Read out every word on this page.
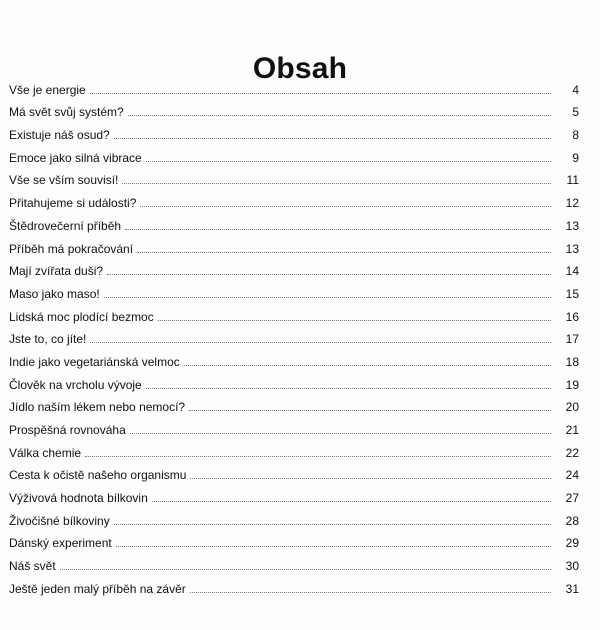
Obsah
Vše je energie	4
Má svět svůj systém?	5
Existuje náš osud?	8
Emoce jako silná vibrace	9
Vše se vším souvisí!	11
Přitahujeme si události?	12
Štědrovečerní příběh	13
Příběh má pokračování	13
Mají zvířata duši?	14
Maso jako maso!	15
Lidská moc plodící bezmoc	16
Jste to, co jíte!	17
Indie jako vegetariánská velmoc	18
Člověk na vrcholu vývoje	19
Jídlo naším lékem nebo nemocí?	20
Prospěšná rovnováha	21
Válka chemie	22
Cesta k očistě našeho organismu	24
Výživová hodnota bílkovin	27
Živočišné bílkoviny	28
Dánský experiment	29
Náš svět	30
Ještě jeden malý příběh na závěr	31
